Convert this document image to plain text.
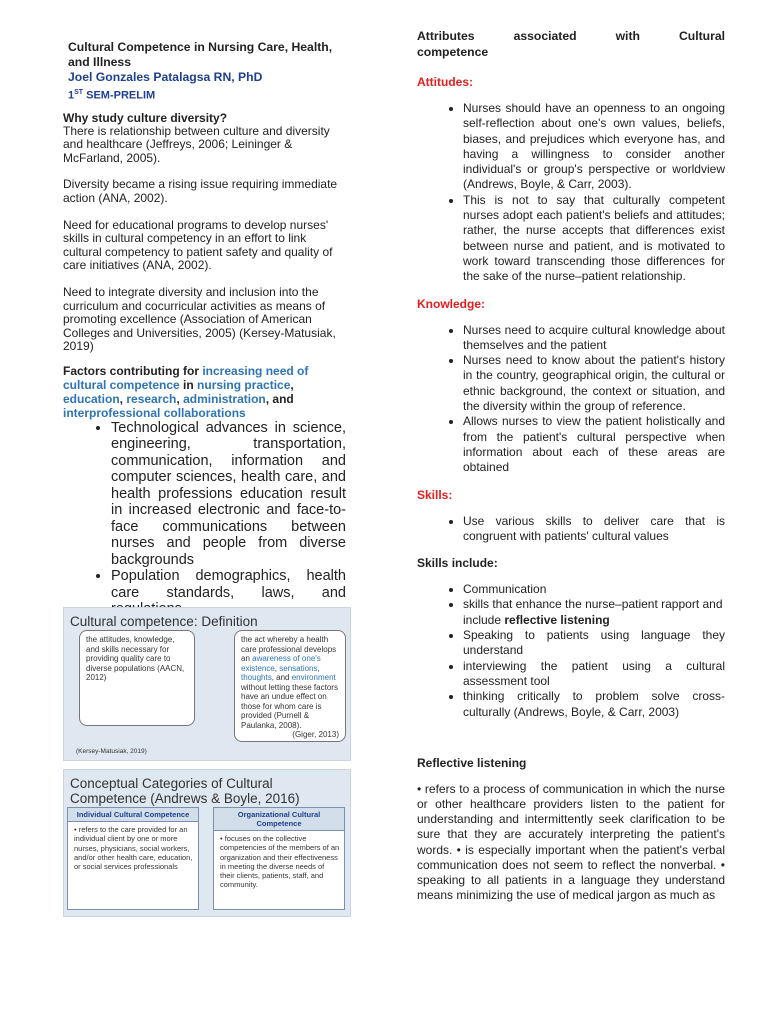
Cultural Competence in Nursing Care, Health, and Illness
Joel Gonzales Patalagsa RN, PhD
1ST SEM-PRELIM
Why study culture diversity?

There is relationship between culture and diversity and healthcare (Jeffreys, 2006; Leininger & McFarland, 2005).

Diversity became a rising issue requiring immediate action (ANA, 2002).

Need for educational programs to develop nurses' skills in cultural competency in an effort to link cultural competency to patient safety and quality of care initiatives (ANA, 2002).

Need to integrate diversity and inclusion into the curriculum and cocurricular activities as means of promoting excellence (Association of American Colleges and Universities, 2005) (Kersey-Matusiak, 2019)

Factors contributing for increasing need of cultural competence in nursing practice, education, research, administration, and interprofessional collaborations
• Technological advances in science, engineering, transportation, communication, information and computer sciences, health care, and health professions education result in increased electronic and face-to-face communications between nurses and people from diverse backgrounds
• Population demographics, health care standards, laws, and
Cultural competence: Definition
the attitudes, knowledge, and skills necessary for providing quality care to diverse populations (AACN, 2012)
the act whereby a health care professional develops an awareness of one's existence, sensations, thoughts, and environment without letting these factors have an undue effect on those for whom care is provided (Purnell & Paulanka, 2008).
(Giger, 2013)
(Kersey-Matusiak, 2019)
Conceptual Categories of Cultural Competence (Andrews & Boyle, 2016)
Individual Cultural Competence
• refers to the care provided for an individual client by one or more nurses, physicians, social workers, and/or other health care, education, or social services professionals
Organizational Cultural Competence
• focuses on the collective competencies of the members of an organization and their effectiveness in meeting the diverse needs of their clients, patients, staff, and community.
Attributes associated with Cultural
competence
Attitudes:
• Nurses should have an openness to an ongoing self-reflection about one's own values, beliefs, biases, and prejudices which everyone has, and having a willingness to consider another individual's or group's perspective or worldview (Andrews, Boyle, & Carr, 2003).
• This is not to say that culturally competent nurses adopt each patient's beliefs and attitudes; rather, the nurse accepts that differences exist between nurse and patient, and is motivated to work toward transcending those differences for the sake of the nurse–patient relationship.
Knowledge:
• Nurses need to acquire cultural knowledge about themselves and the patient
• Nurses need to know about the patient's history in the country, geographical origin, the cultural or ethnic background, the context or situation, and the diversity within the group of reference.
• Allows nurses to view the patient holistically and from the patient's cultural perspective when information about each of these areas are obtained
Skills:
• Use various skills to deliver care that is congruent with patients' cultural values
Skills include:
• Communication
• skills that enhance the nurse–patient rapport and include reflective listening
• Speaking to patients using language they understand
• interviewing the patient using a cultural assessment tool
• thinking critically to problem solve cross-culturally (Andrews, Boyle, & Carr, 2003)
Reflective listening

• refers to a process of communication in which the nurse or other healthcare providers listen to the patient for understanding and intermittently seek clarification to be sure that they are accurately interpreting the patient's words. • is especially important when the patient's verbal communication does not seem to reflect the nonverbal. • speaking to all patients in a language they understand means minimizing the use of medical jargon as much as
